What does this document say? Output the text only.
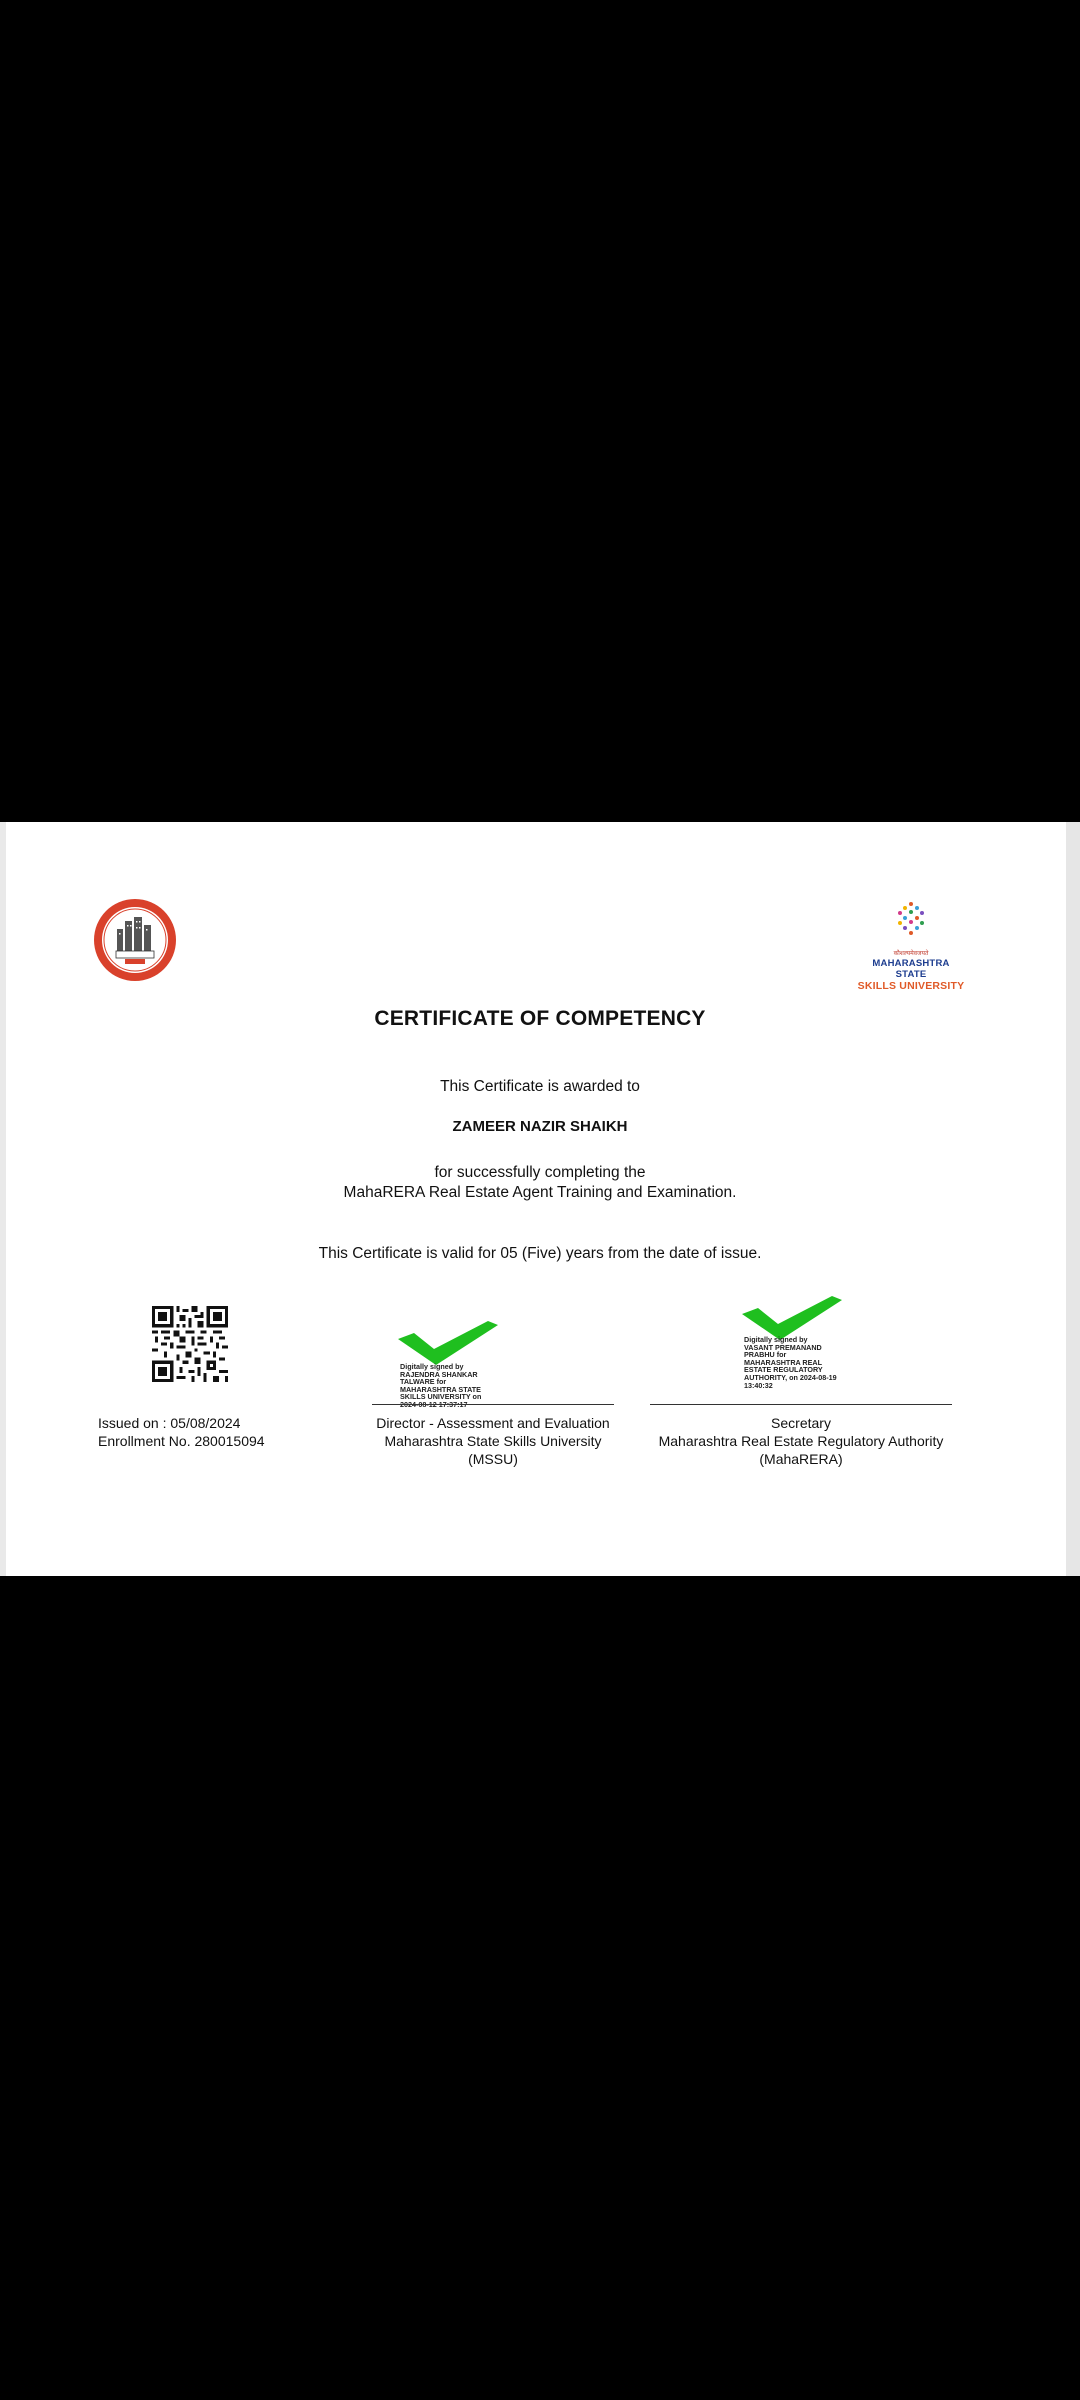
कौशल्यमेवजयते
MAHARASHTRA STATE
SKILLS UNIVERSITY
CERTIFICATE OF COMPETENCY
This Certificate is awarded to
ZAMEER NAZIR SHAIKH
for successfully completing the
MahaRERA Real Estate Agent Training and Examination.
This Certificate is valid for 05 (Five) years from the date of issue.
Digitally signed by
RAJENDRA SHANKAR
TALWARE for
MAHARASHTRA STATE
SKILLS UNIVERSITY on
2024-08-12 17:37:17
Digitally signed by
VASANT PREMANAND
PRABHU for
MAHARASHTRA REAL
ESTATE REGULATORY
AUTHORITY, on 2024-08-19
13:40:32
Issued on : 05/08/2024
Enrollment No. 280015094
Director - Assessment and Evaluation
Maharashtra State Skills University
(MSSU)
Secretary
Maharashtra Real Estate Regulatory Authority
(MahaRERA)
